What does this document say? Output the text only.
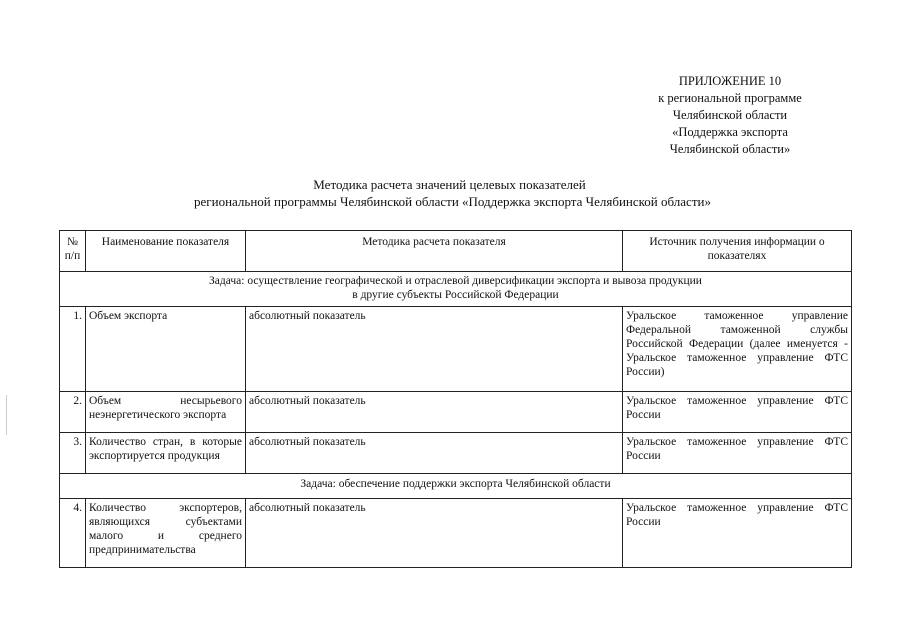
ПРИЛОЖЕНИЕ 10
к региональной программе
Челябинской области
«Поддержка экспорта
Челябинской области»
Методика расчета значений целевых показателей
региональной программы Челябинской области «Поддержка экспорта Челябинской области»
№ п/п	Наименование показателя	Методика расчета показателя	Источник получения информации о показателях

Задача: осуществление географической и отраслевой диверсификации экспорта и вывоза продукции
в другие субъекты Российской Федерации			

1.	Объем экспорта	абсолютный показатель	Уральское таможенное управление Федеральной таможенной службы Российской Федерации (далее именуется - Уральское таможенное управление ФТС России)
2.	Объем несырьевого неэнергетического экспорта	абсолютный показатель	Уральское таможенное управление ФТС России
3.	Количество стран, в которые экспортируется продукция	абсолютный показатель	Уральское таможенное управление ФТС России
Задача: обеспечение поддержки экспорта Челябинской области			
4.	Количество экспортеров, являющихся субъектами малого и среднего предпринимательства	абсолютный показатель	Уральское таможенное управление ФТС России
